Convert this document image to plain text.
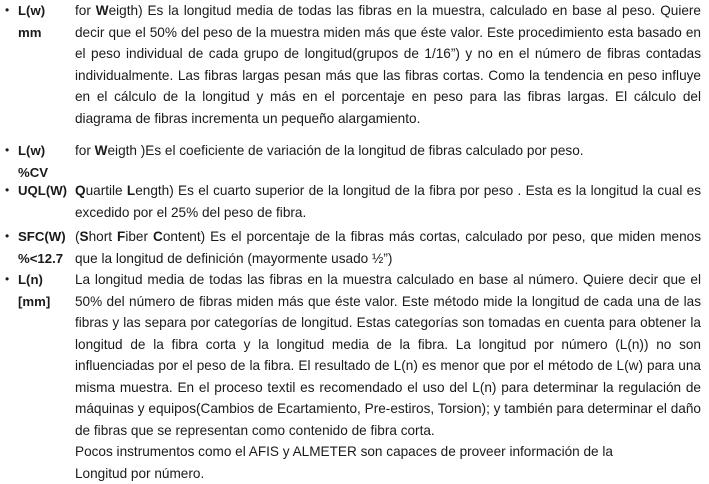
• L(w)
mm
for Weigth) Es la longitud media de todas las fibras en la muestra, calculado en base al peso. Quiere decir que el 50% del peso de la muestra miden más que éste valor. Este procedimiento esta basado en el peso individual de cada grupo de longitud(grupos de 1/16”) y no en el número de fibras contadas individualmente. Las fibras largas pesan más que las fibras cortas. Como la tendencia en peso influye en el cálculo de la longitud y más en el porcentaje en peso para las fibras largas. El cálculo del diagrama de fibras incrementa un pequeño alargamiento.
• L(w)
%CV
for Weigth )Es el coeficiente de variación de la longitud de fibras calculado por peso.
• UQL(W) Quartile Length) Es el cuarto superior de la longitud de la fibra por peso . Esta es la longitud la cual es excedido por el 25% del peso de fibra.
• SFC(W)
%<12.7
(Short Fiber Content) Es el porcentaje de la fibras más cortas, calculado por peso, que miden menos que la longitud de definición (mayormente usado ½”)
• L(n)
[mm]
La longitud media de todas las fibras en la muestra calculado en base al número. Quiere decir que el 50% del número de fibras miden más que éste valor. Este método mide la longitud de cada una de las fibras y las separa por categorías de longitud. Estas categorías son tomadas en cuenta para obtener la longitud de la fibra corta y la longitud media de la fibra. La longitud por número (L(n)) no son influenciadas por el peso de la fibra. El resultado de L(n) es menor que por el método de L(w) para una misma muestra. En el proceso textil es recomendado el uso del L(n) para determinar la regulación de máquinas y equipos(Cambios de Ecartamiento, Pre-estiros, Torsion); y también para determinar el daño de fibras que se representan como contenido de fibra corta.
Pocos instrumentos como el AFIS y ALMETER son capaces de proveer información de la
Longitud por número.
